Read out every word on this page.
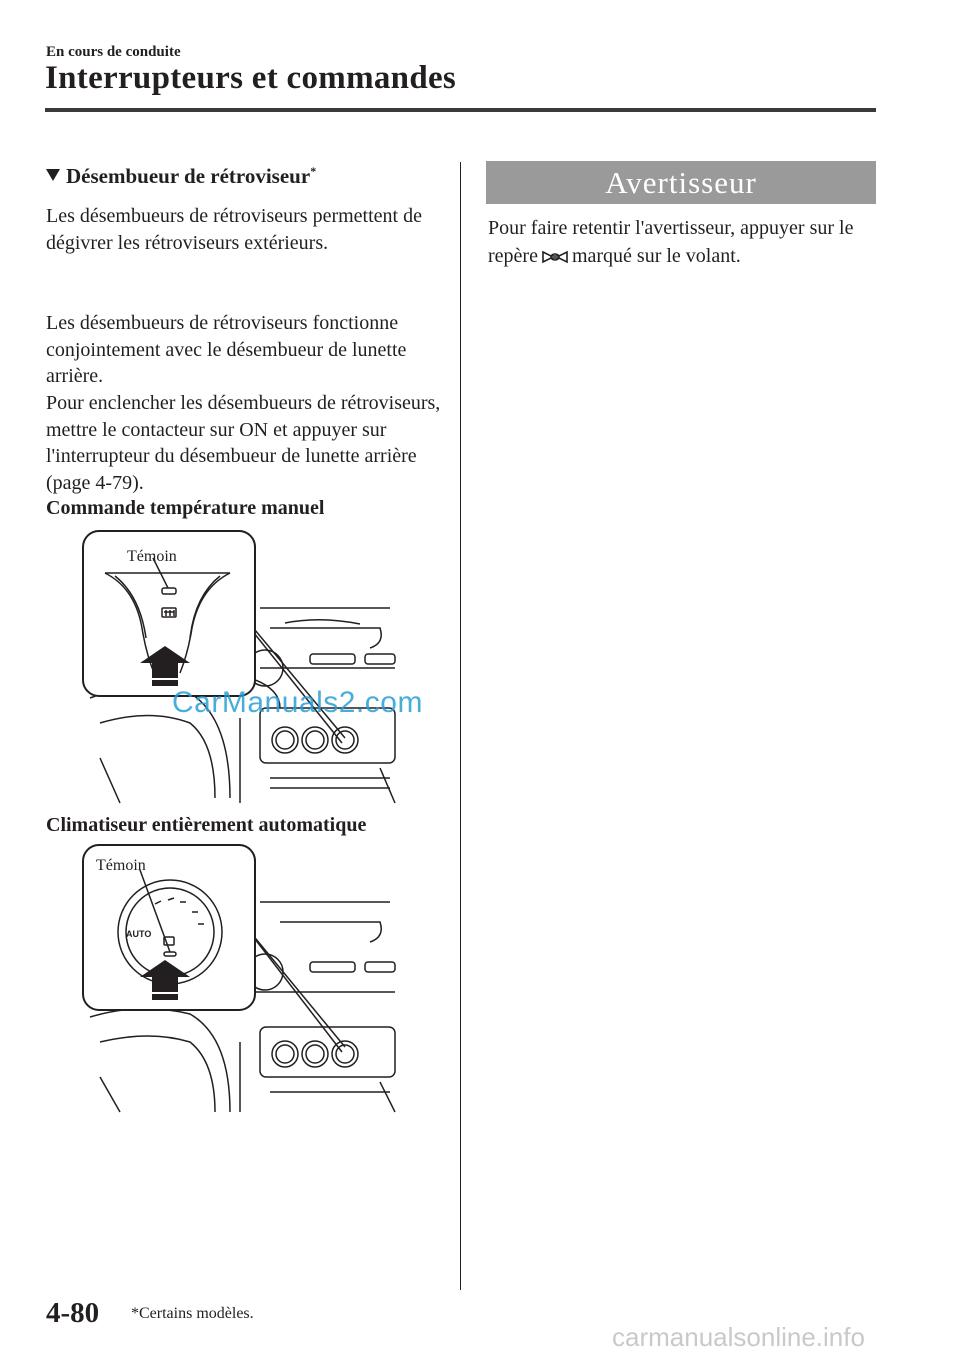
En cours de conduite
Interrupteurs et commandes
Désembueur de rétroviseur*
Les désembueurs de rétroviseurs permettent de dégivrer les rétroviseurs extérieurs.
Les désembueurs de rétroviseurs fonctionne conjointement avec le désembueur de lunette arrière.
Pour enclencher les désembueurs de rétroviseurs, mettre le contacteur sur ON et appuyer sur l'interrupteur du désembueur de lunette arrière (page 4-79).
Commande température manuel
Témoin
CarManuals2.com
Climatiseur entièrement automatique
AUTO
Témoin
Avertisseur
Pour faire retentir l'avertisseur, appuyer sur le repère marqué sur le volant.
4-80 *Certains modèles.
carmanualsonline.info
